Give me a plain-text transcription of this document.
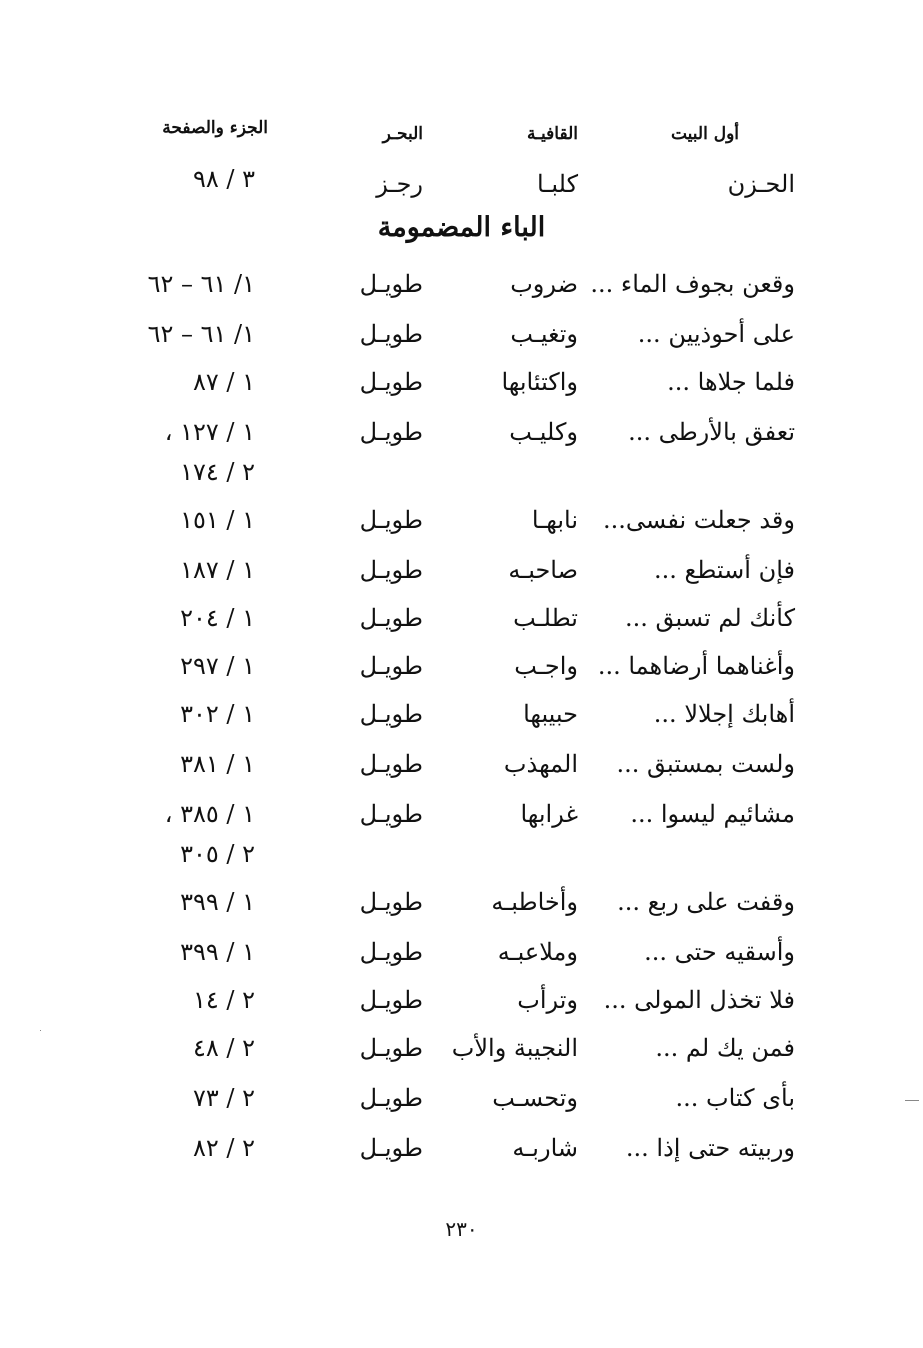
أول البيت
القافيـة
البحـر
الجزء والصفحة
الحـزن
كلبـا
رجـز
٣ / ٩٨
الباء المضمومة
وقعن بجوف الماء ...
ضروب
طويـل
١/ ٦١ – ٦٢
على أحوذيين ...
وتغيـب
طويـل
١/ ٦١ – ٦٢
فلما جلاها ...
واكتئابها
طويـل
١ / ٨٧
تعفق بالأرطى ...
وكليـب
طويـل
١ / ١٢٧ ،
٢ / ١٧٤
وقد جعلت نفسى...
نابهـا
طويـل
١ / ١٥١
فإن أستطع ...
صاحبـه
طويـل
١ / ١٨٧
كأنك لم تسبق ...
تطلـب
طويـل
١ / ٢٠٤
وأغناهما أرضاهما ...
واجـب
طويـل
١ / ٢٩٧
أهابك إجلالا ...
حبيبها
طويـل
١ / ٣٠٢
ولست بمستبق ...
المهذب
طويـل
١ / ٣٨١
مشائيم ليسوا ...
غرابها
طويـل
١ / ٣٨٥ ،
٢ / ٣٠٥
وقفت على ربع ...
وأخاطبـه
طويـل
١ / ٣٩٩
وأسقيه حتى ...
وملاعبـه
طويـل
١ / ٣٩٩
فلا تخذل المولى ...
وترأب
طويـل
٢ / ١٤
فمن يك لم ...
النجيبة والأب
طويـل
٢ / ٤٨
بأى كتاب ...
وتحسـب
طويـل
٢ / ٧٣
وربيته حتى إذا ...
شاربـه
طويـل
٢ / ٨٢
٢٣٠
